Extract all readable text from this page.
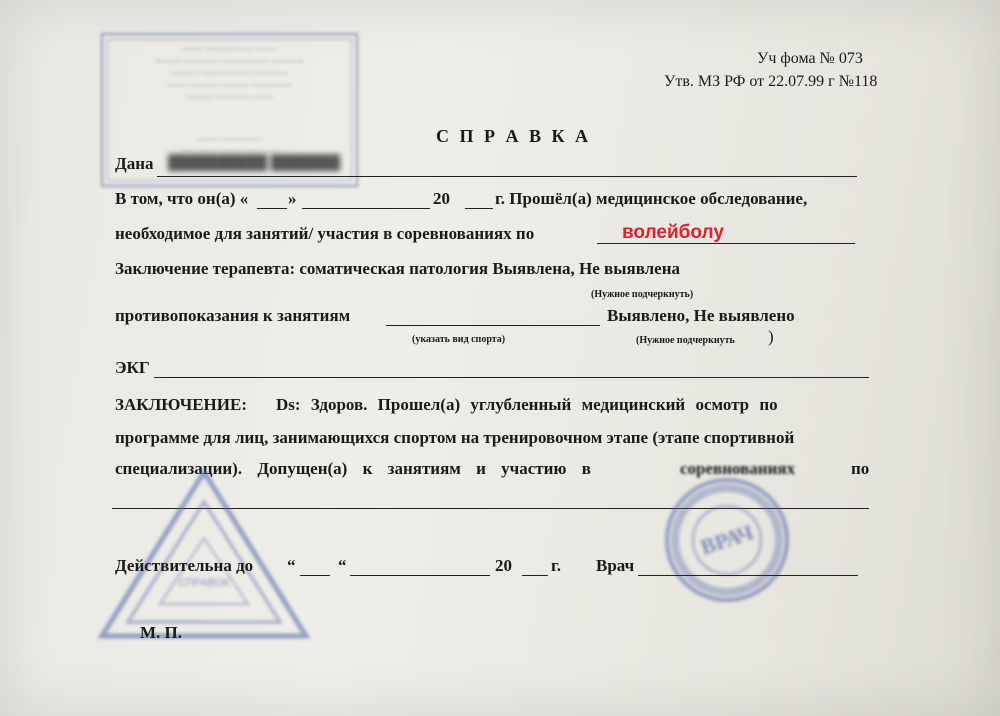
——— ——————— ———
«——— ————— ——————— ————»
———— ——————— —————
——— ———— ———— ——————
———— ————— ———
——— ——————
—— ——— ——— ——— ——
Уч фома № 073
Утв. МЗ РФ от 22.07.99 г №118
С П Р А В К А
Дана ██████████ ███████
В том, что он(а) « »	20	г. Прошёл(а) медицинское обследование,
необходимое для занятий/ участия в соревнованиях по	волейболу
Заключение терапевта: соматическая патология Выявлена, Не выявлена
(Нужное подчеркнуть)
противопоказания к занятиям	Выявлено, Не выявлено
(указать вид спорта)	(Нужное подчеркнуть )
ЭКГ
ЗАКЛЮЧЕНИЕ: Ds: Здоров. Прошел(а) углубленный медицинский осмотр по
программе для лиц, занимающихся спортом на тренировочном этапе (этапе спортивной
специализации). Допущен(а) к занятиям и участию в	соревнованиях	по
СПРАВОК
ВРАЧ
Действительна до “	“	20 г. Врач
М. П.
